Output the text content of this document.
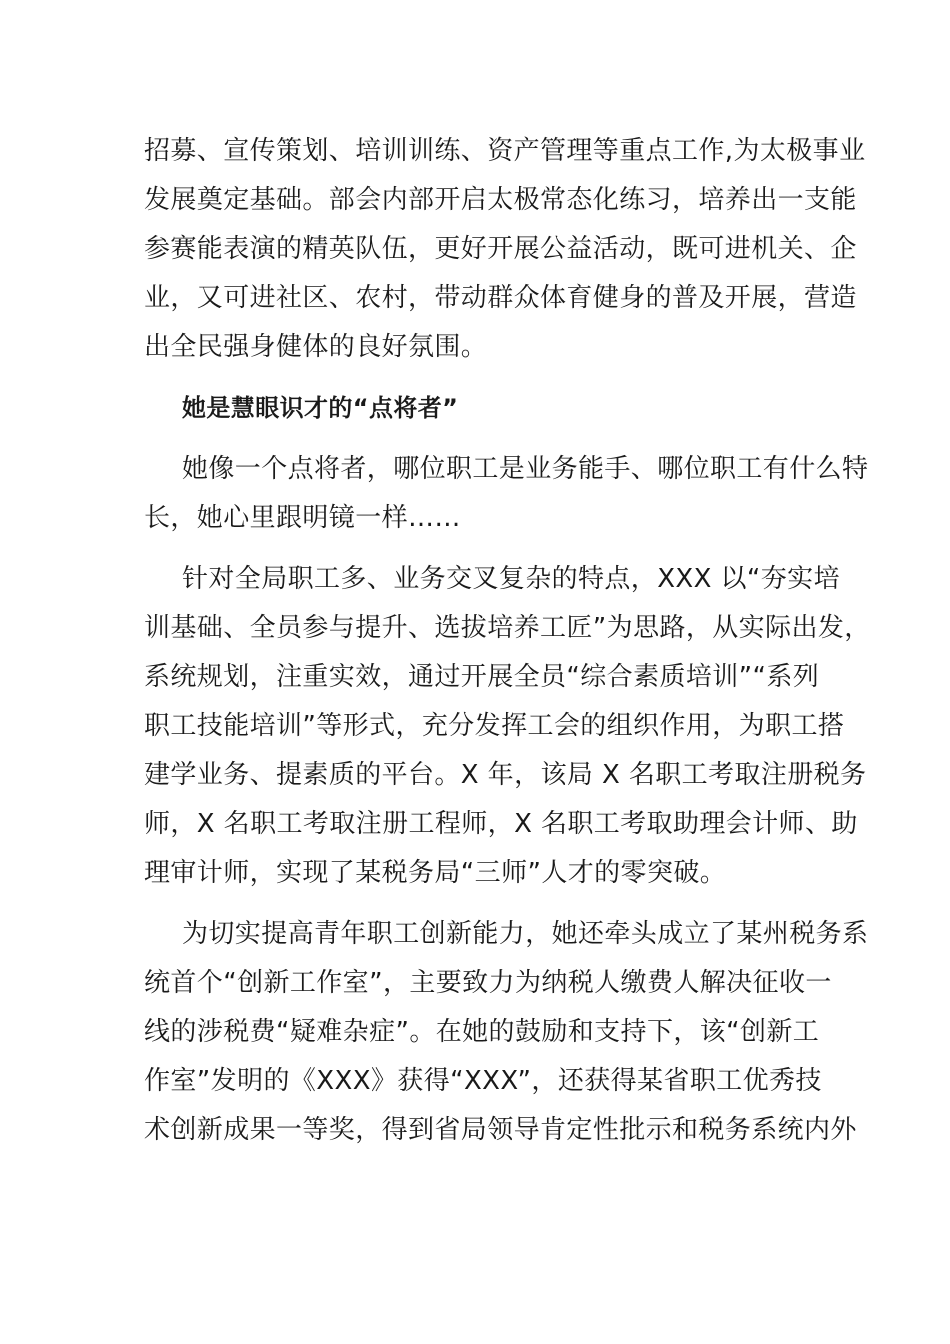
招募、宣传策划、培训训练、资产管理等重点工作,为太极事业
发展奠定基础。部会内部开启太极常态化练习，培养出一支能
参赛能表演的精英队伍，更好开展公益活动，既可进机关、企
业，又可进社区、农村，带动群众体育健身的普及开展，营造
出全民强身健体的良好氛围。

她是慧眼识才的“点将者”

她像一个点将者，哪位职工是业务能手、哪位职工有什么特
长，她心里跟明镜一样……

针对全局职工多、业务交叉复杂的特点，XXX 以“夯实培
训基础、全员参与提升、选拔培养工匠”为思路，从实际出发，
系统规划，注重实效，通过开展全员“综合素质培训”“系列
职工技能培训”等形式，充分发挥工会的组织作用，为职工搭
建学业务、提素质的平台。X 年，该局 X 名职工考取注册税务
师，X 名职工考取注册工程师，X 名职工考取助理会计师、助
理审计师，实现了某税务局“三师”人才的零突破。

为切实提高青年职工创新能力，她还牵头成立了某州税务系
统首个“创新工作室”，主要致力为纳税人缴费人解决征收一
线的涉税费“疑难杂症”。在她的鼓励和支持下，该“创新工
作室”发明的《XXX》获得“XXX”，还获得某省职工优秀技
术创新成果一等奖，得到省局领导肯定性批示和税务系统内外
